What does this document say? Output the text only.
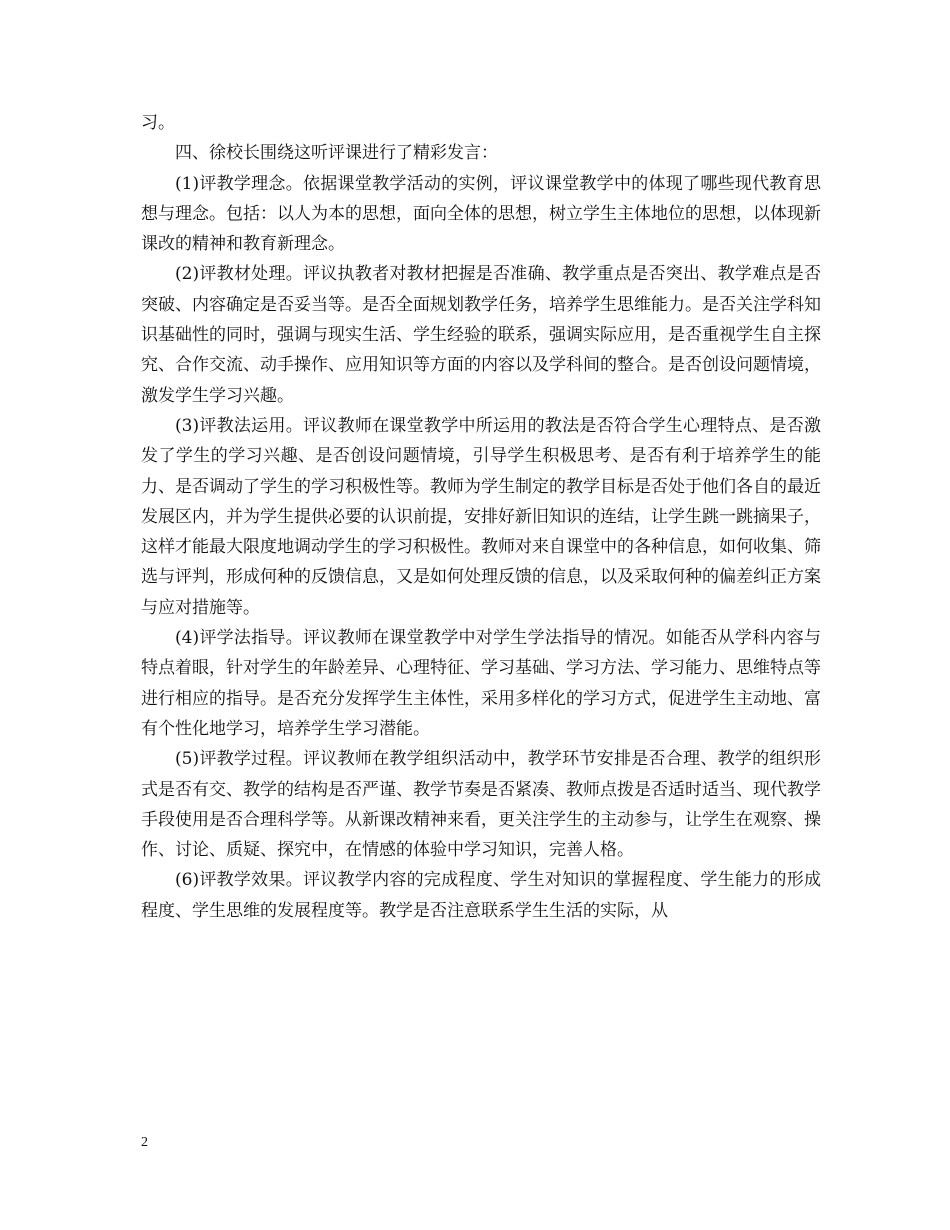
习。

四、徐校长围绕这听评课进行了精彩发言：

(1)评教学理念。依据课堂教学活动的实例，评议课堂教学中的体现了哪些现代教育思想与理念。包括：以人为本的思想，面向全体的思想，树立学生主体地位的思想，以体现新课改的精神和教育新理念。

(2)评教材处理。评议执教者对教材把握是否准确、教学重点是否突出、教学难点是否突破、内容确定是否妥当等。是否全面规划教学任务，培养学生思维能力。是否关注学科知识基础性的同时，强调与现实生活、学生经验的联系，强调实际应用，是否重视学生自主探究、合作交流、动手操作、应用知识等方面的内容以及学科间的整合。是否创设问题情境，激发学生学习兴趣。

(3)评教法运用。评议教师在课堂教学中所运用的教法是否符合学生心理特点、是否激发了学生的学习兴趣、是否创设问题情境，引导学生积极思考、是否有利于培养学生的能力、是否调动了学生的学习积极性等。教师为学生制定的教学目标是否处于他们各自的最近发展区内，并为学生提供必要的认识前提，安排好新旧知识的连结，让学生跳一跳摘果子，这样才能最大限度地调动学生的学习积极性。教师对来自课堂中的各种信息，如何收集、筛选与评判，形成何种的反馈信息，又是如何处理反馈的信息，以及采取何种的偏差纠正方案与应对措施等。

(4)评学法指导。评议教师在课堂教学中对学生学法指导的情况。如能否从学科内容与特点着眼，针对学生的年龄差异、心理特征、学习基础、学习方法、学习能力、思维特点等进行相应的指导。是否充分发挥学生主体性，采用多样化的学习方式，促进学生主动地、富有个性化地学习，培养学生学习潜能。

(5)评教学过程。评议教师在教学组织活动中，教学环节安排是否合理、教学的组织形式是否有交、教学的结构是否严谨、教学节奏是否紧凑、教师点拨是否适时适当、现代教学手段使用是否合理科学等。从新课改精神来看，更关注学生的主动参与，让学生在观察、操作、讨论、质疑、探究中，在情感的体验中学习知识，完善人格。

(6)评教学效果。评议教学内容的完成程度、学生对知识的掌握程度、学生能力的形成程度、学生思维的发展程度等。教学是否注意联系学生生活的实际，从

2
